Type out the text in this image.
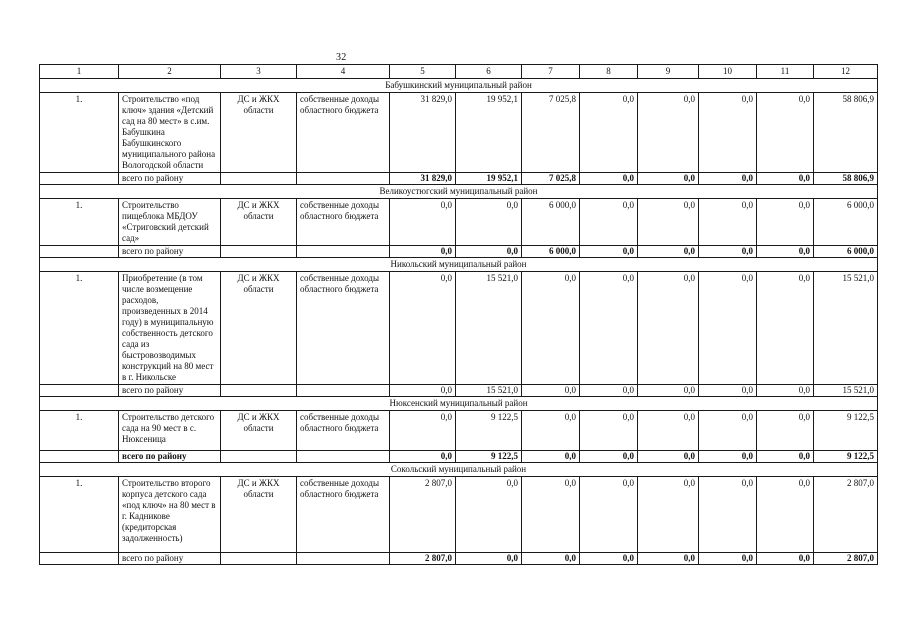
32
1	2	3	4	5	6	7	8	9	10	11	12
Бабушкинский муниципальный район											
1.	Строительство «под ключ» здания «Детский сад на 80 мест» в с.им. Бабушкина Бабушкинского муниципального района Вологодской области	ДС и ЖКХ области	собственные доходы областного бюджета	31 829,0	19 952,1	7 025,8	0,0	0,0	0,0	0,0	58 806,9
	всего по району			31 829,0	19 952,1	7 025,8	0,0	0,0	0,0	0,0	58 806,9
Великоустюгский муниципальный район											
1.	Строительство пищеблока МБДОУ «Стриговский детский сад»	ДС и ЖКХ области	собственные доходы областного бюджета	0,0	0,0	6 000,0	0,0	0,0	0,0	0,0	6 000,0
	всего по району			0,0	0,0	6 000,0	0,0	0,0	0,0	0,0	6 000,0
Никольский муниципальный район											
1.	Приобретение (в том числе возмещение расходов, произведенных в 2014 году) в муниципальную собственность детского сада из быстровозводимых конструкций на 80 мест в г. Никольске	ДС и ЖКХ области	собственные доходы областного бюджета	0,0	15 521,0	0,0	0,0	0,0	0,0	0,0	15 521,0
	всего по району			0,0	15 521,0	0,0	0,0	0,0	0,0	0,0	15 521,0
Нюксенский муниципальный район											
1.	Строительство детского сада на 90 мест в с. Нюксеница	ДС и ЖКХ области	собственные доходы областного бюджета	0,0	9 122,5	0,0	0,0	0,0	0,0	0,0	9 122,5
	всего по району			0,0	9 122,5	0,0	0,0	0,0	0,0	0,0	9 122,5
Сокольский муниципальный район											
1.	Строительство второго корпуса детского сада «под ключ» на 80 мест в г. Кадникове (кредиторская задолженность)	ДС и ЖКХ области	собственные доходы областного бюджета	2 807,0	0,0	0,0	0,0	0,0	0,0	0,0	2 807,0
	всего по району			2 807,0	0,0	0,0	0,0	0,0	0,0	0,0	2 807,0
